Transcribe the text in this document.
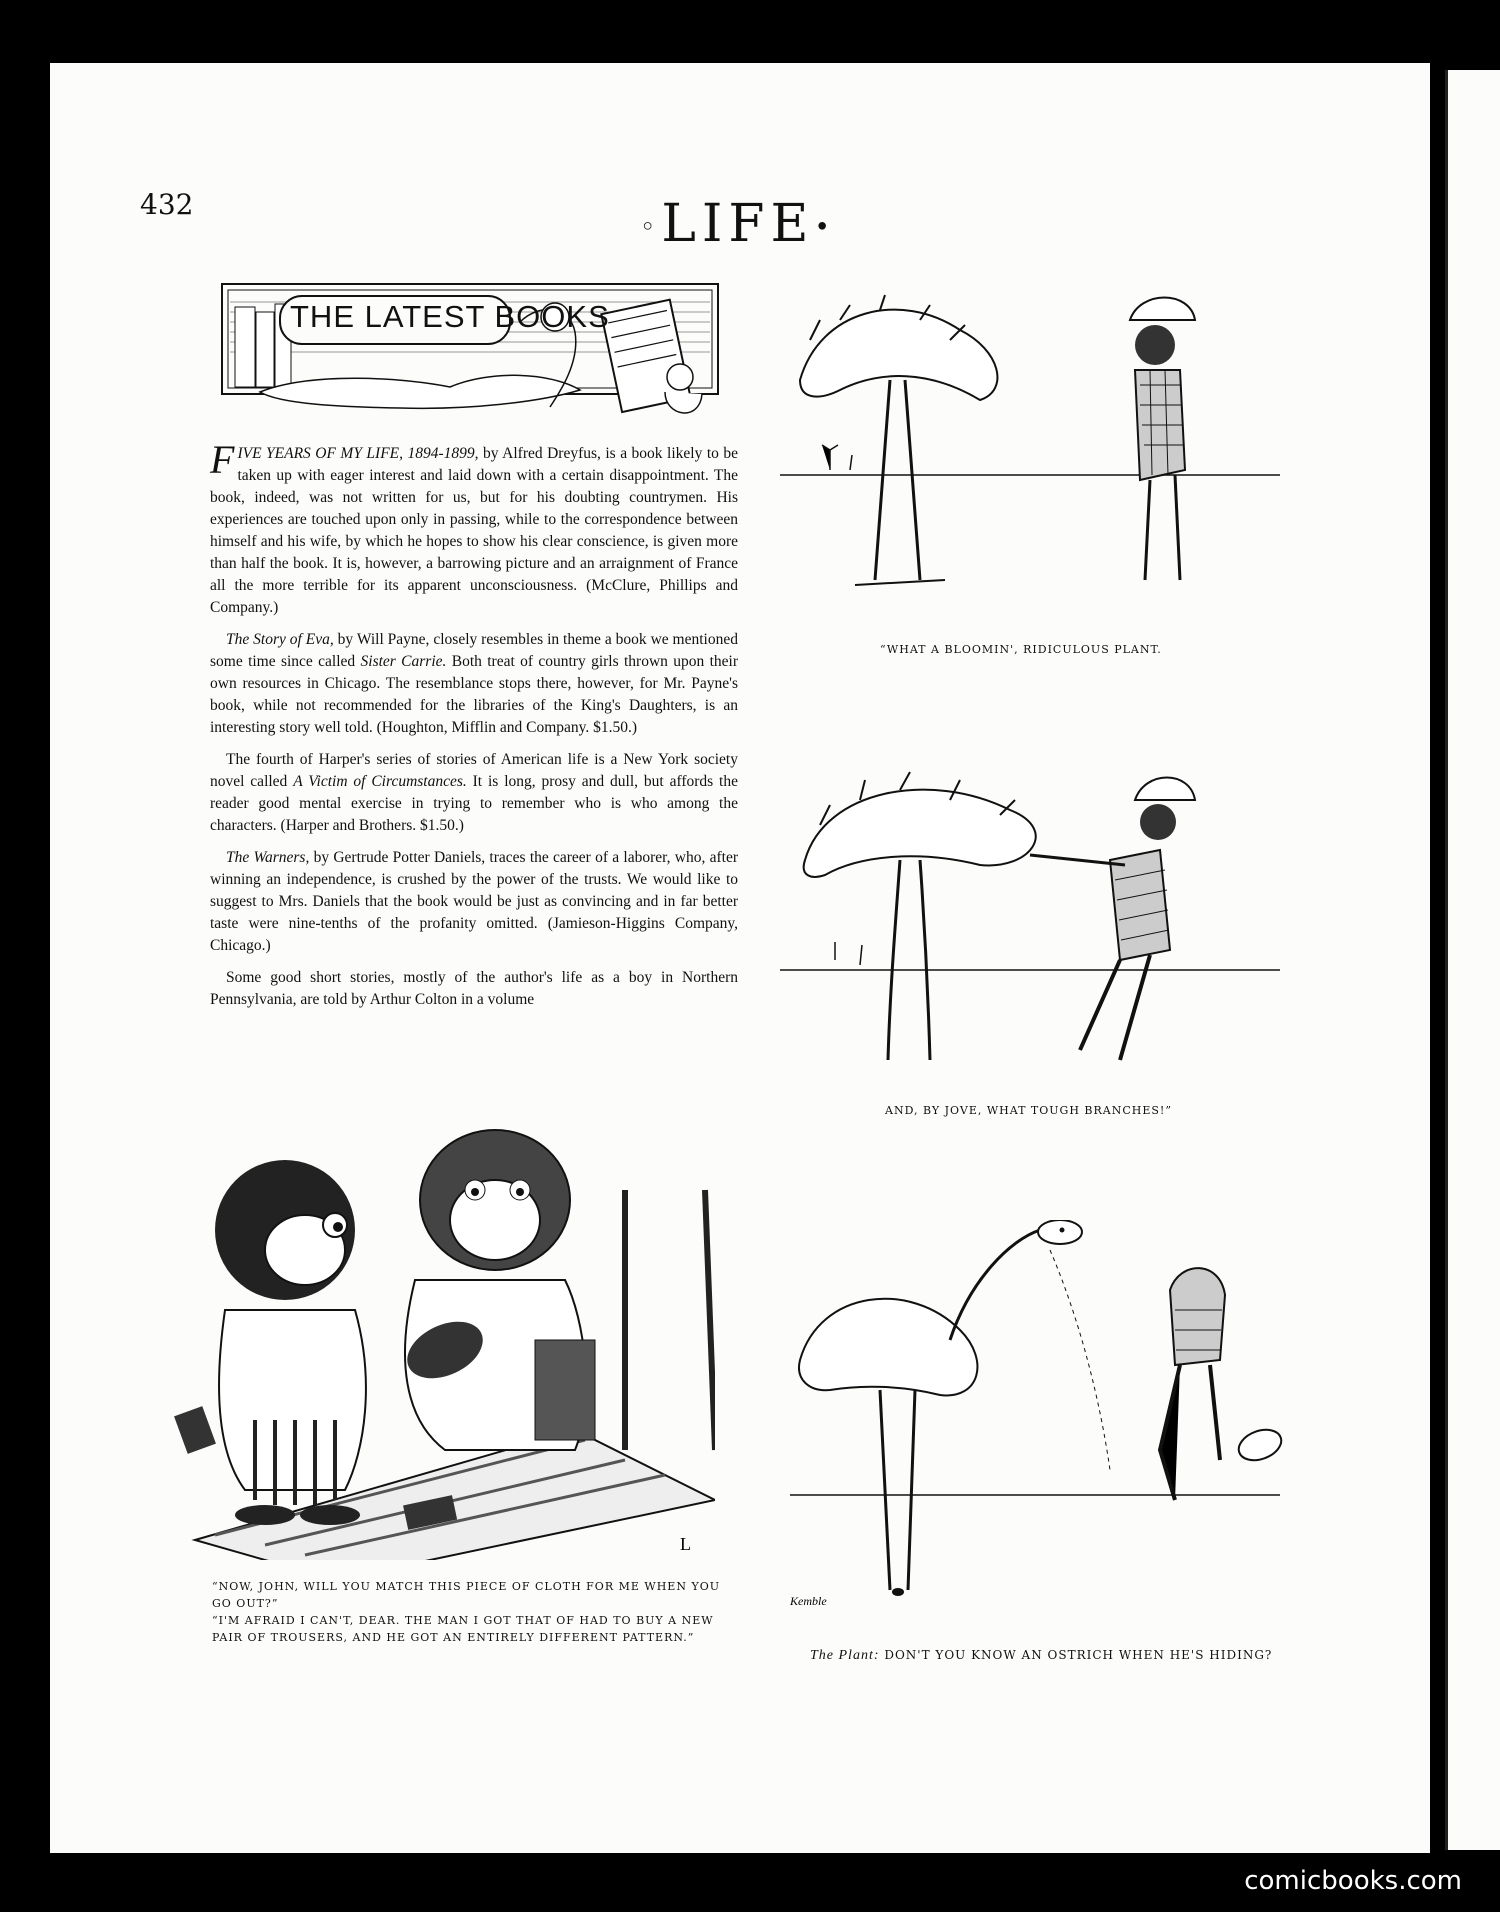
432
◦LIFE•
THE LATEST BOOKS

FIVE YEARS OF MY LIFE, 1894-1899, by Alfred Dreyfus, is a book likely to be taken up with eager interest and laid down with a certain disappointment. The book, indeed, was not written for us, but for his doubting countrymen. His experiences are touched upon only in passing, while to the correspondence between himself and his wife, by which he hopes to show his clear conscience, is given more than half the book. It is, however, a barrowing picture and an arraignment of France all the more terrible for its apparent unconsciousness. (McClure, Phillips and Company.)

The Story of Eva, by Will Payne, closely resembles in theme a book we mentioned some time since called Sister Carrie. Both treat of country girls thrown upon their own resources in Chicago. The resemblance stops there, however, for Mr. Payne's book, while not recommended for the libraries of the King's Daughters, is an interesting story well told. (Houghton, Mifflin and Company. $1.50.)

The fourth of Harper's series of stories of American life is a New York society novel called A Victim of Circumstances. It is long, prosy and dull, but affords the reader good mental exercise in trying to remember who is who among the characters. (Harper and Brothers. $1.50.)

The Warners, by Gertrude Potter Daniels, traces the career of a laborer, who, after winning an independence, is crushed by the power of the trusts. We would like to suggest to Mrs. Daniels that the book would be just as convincing and in far better taste were nine-tenths of the profanity omitted. (Jamieson-Higgins Company, Chicago.)

Some good short stories, mostly of the author's life as a boy in Northern Pennsylvania, are told by Arthur Colton in a volume

L

“NOW, JOHN, WILL YOU MATCH THIS PIECE OF CLOTH FOR ME WHEN YOU GO OUT?”

“I'M AFRAID I CAN'T, DEAR. THE MAN I GOT THAT OF HAD TO BUY A NEW PAIR OF TROUSERS, AND HE GOT AN ENTIRELY DIFFERENT PATTERN.”

“WHAT A BLOOMIN', RIDICULOUS PLANT.
AND, BY JOVE, WHAT TOUGH BRANCHES!”
Kemble
The Plant: DON'T YOU KNOW AN OSTRICH WHEN HE'S HIDING?
comicbooks.com
